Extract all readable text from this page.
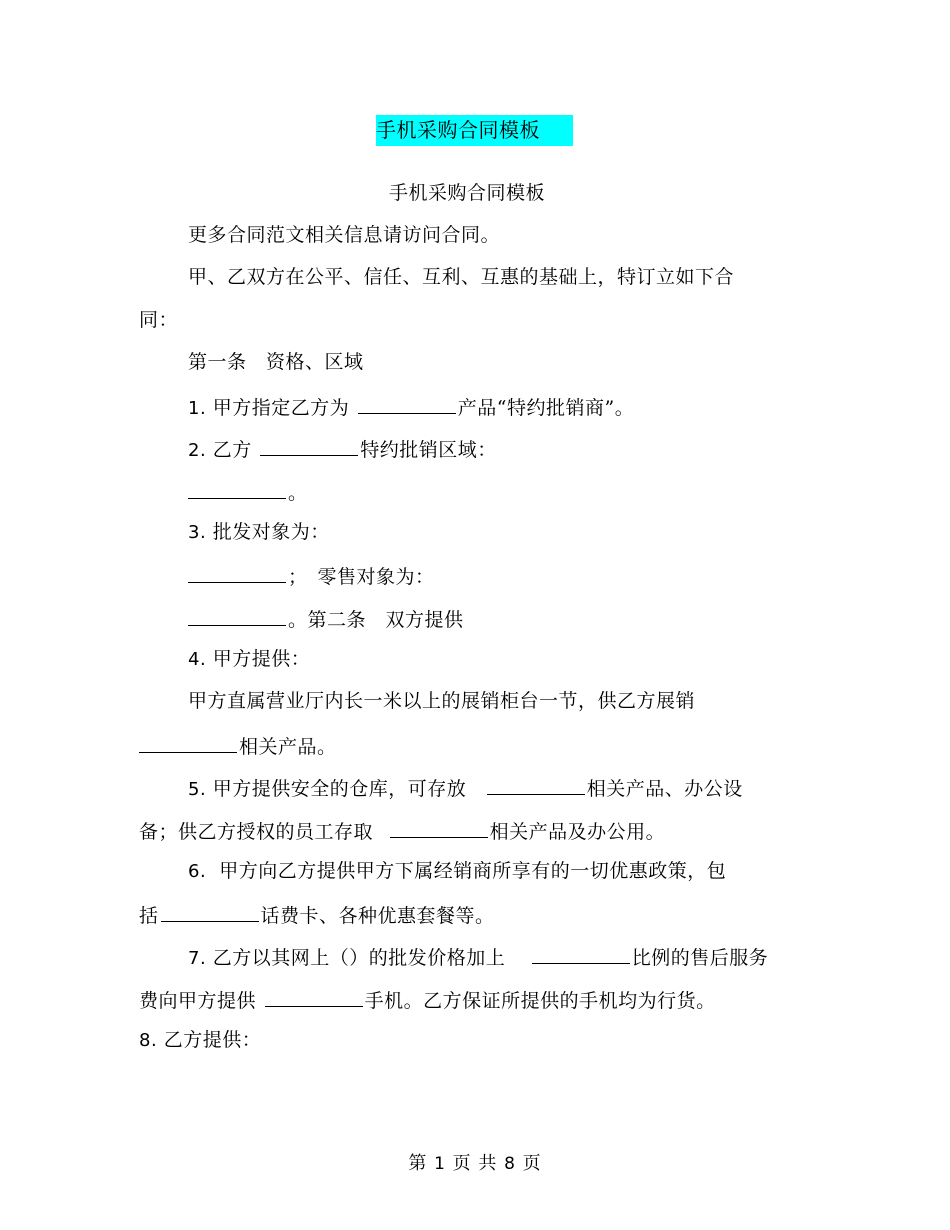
手机采购合同模板
手机采购合同模板
更多合同范文相关信息请访问合同。
甲、乙双方在公平、信任、互利、互惠的基础上，特订立如下合
同：
第一条　资格、区域
1. 甲方指定乙方为	产品“特约批销商”。
2. 乙方	特约批销区域：
。
3. 批发对象为：
；　零售对象为：
。第二条　双方提供
4. 甲方提供：
甲方直属营业厅内长一米以上的展销柜台一节，供乙方展销
相关产品。
5. 甲方提供安全的仓库，可存放	相关产品、办公设
备；供乙方授权的员工存取	相关产品及办公用。
6. 甲方向乙方提供甲方下属经销商所享有的一切优惠政策，包
括	话费卡、各种优惠套餐等。
7. 乙方以其网上（）的批发价格加上	比例的售后服务
费向甲方提供	手机。乙方保证所提供的手机均为行货。
8. 乙方提供：
第 1 页 共 8 页
